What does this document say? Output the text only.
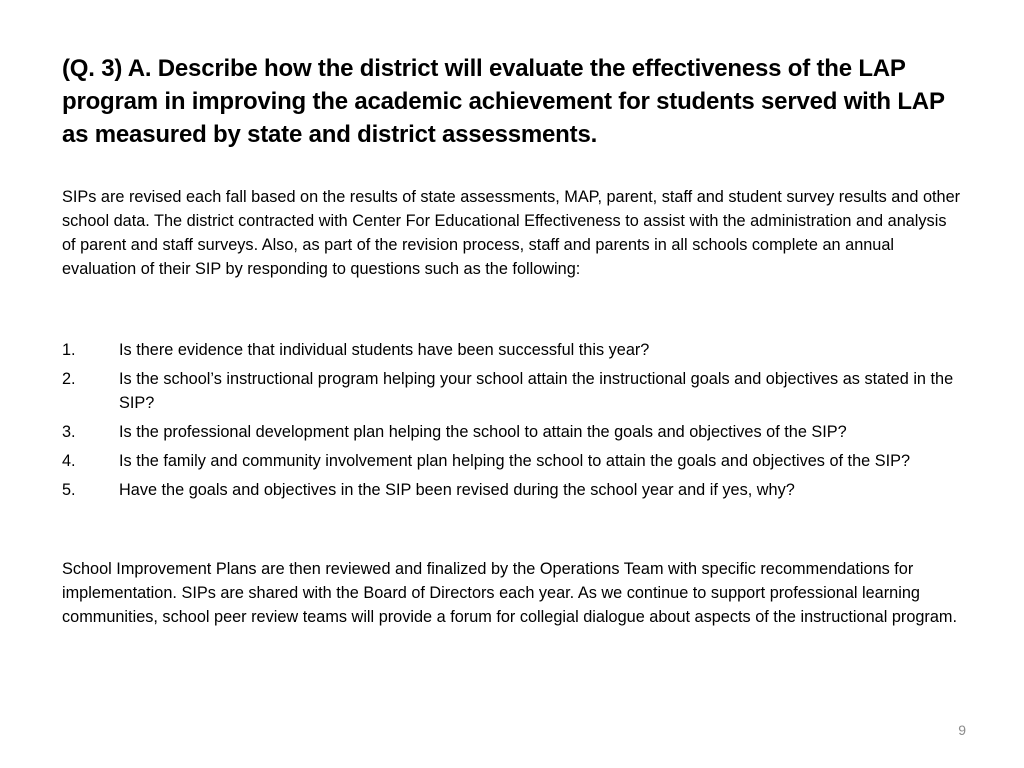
(Q. 3) A. Describe how the district will evaluate the effectiveness of the LAP program in improving the academic achievement for students served with LAP as measured by state and district assessments.

SIPs are revised each fall based on the results of state assessments, MAP, parent, staff and student survey results and other school data. The district contracted with Center For Educational Effectiveness to assist with the administration and analysis of parent and staff surveys. Also, as part of the revision process, staff and parents in all schools complete an annual evaluation of their SIP by responding to questions such as the following:

1.	Is there evidence that individual students have been successful this year?
2.	Is the school’s instructional program helping your school attain the instructional goals and objectives as stated in the SIP?
3.	Is the professional development plan helping the school to attain the goals and objectives of the SIP?
4.	Is the family and community involvement plan helping the school to attain the goals and objectives of the SIP?
5.	Have the goals and objectives in the SIP been revised during the school year and if yes, why?

School Improvement Plans are then reviewed and finalized by the Operations Team with specific recommendations for implementation. SIPs are shared with the Board of Directors each year. As we continue to support professional learning communities, school peer review teams will provide a forum for collegial dialogue about aspects of the instructional program.

9
